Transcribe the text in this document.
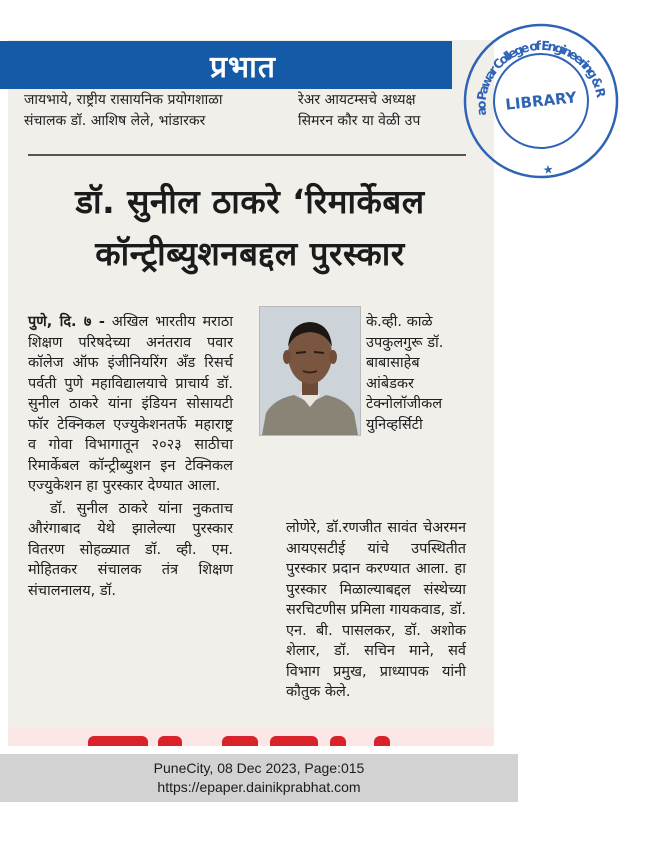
प्रभात
जायभाये, राष्ट्रीय रासायनिक प्रयोगशाळा
संचालक डॉ. आशिष लेले, भांडारकर
रेअर आयटम्सचे अध्यक्ष
सिमरन कौर या वेळी उप
डॉ. सुनील ठाकरे ‘रिमार्केबल
कॉन्ट्रीब्युशनबद्दल पुरस्कार
पुणे, दि. ७ - अखिल भारतीय मराठा शिक्षण परिषदेच्या अनंतराव पवार कॉलेज ऑफ इंजीनियरिंग अँड रिसर्च पर्वती पुणे महाविद्यालयाचे प्राचार्य डॉ. सुनील ठाकरे यांना इंडियन सोसायटी फॉर टेक्निकल एज्युकेशनतर्फे महाराष्ट्र व गोवा विभागातून २०२३ साठीचा रिमार्केबल कॉन्ट्रीब्युशन इन टेक्निकल एज्युकेशन हा पुरस्कार देण्यात आला.
डॉ. सुनील ठाकरे यांना नुकताच औरंगाबाद येथे झालेल्या पुरस्कार वितरण सोहळ्यात डॉ. व्ही. एम. मोहितकर संचालक तंत्र शिक्षण संचालनालय, डॉ.
के.व्ही. काळे उपकुलगुरू डॉ. बाबासाहेब आंबेडकर टेक्नोलॉजीकल युनिव्हर्सिटी
लोणेरे, डॉ.रणजीत सावंत चेअरमन आयएसटीई यांचे उपस्थितीत पुरस्कार प्रदान करण्यात आला. हा पुरस्कार मिळाल्याबद्दल संस्थेच्या सरचिटणीस प्रमिला गायकवाड, डॉ. एन. बी. पासलकर, डॉ. अशोक शेलार, डॉ. सचिन माने, सर्व विभाग प्रमुख, प्राध्यापक यांनी कौतुक केले.
PuneCity, 08 Dec 2023, Page:015
https://epaper.dainikprabhat.com
Anantrao Pawar College of Engineering & Research
★
LIBRARY
